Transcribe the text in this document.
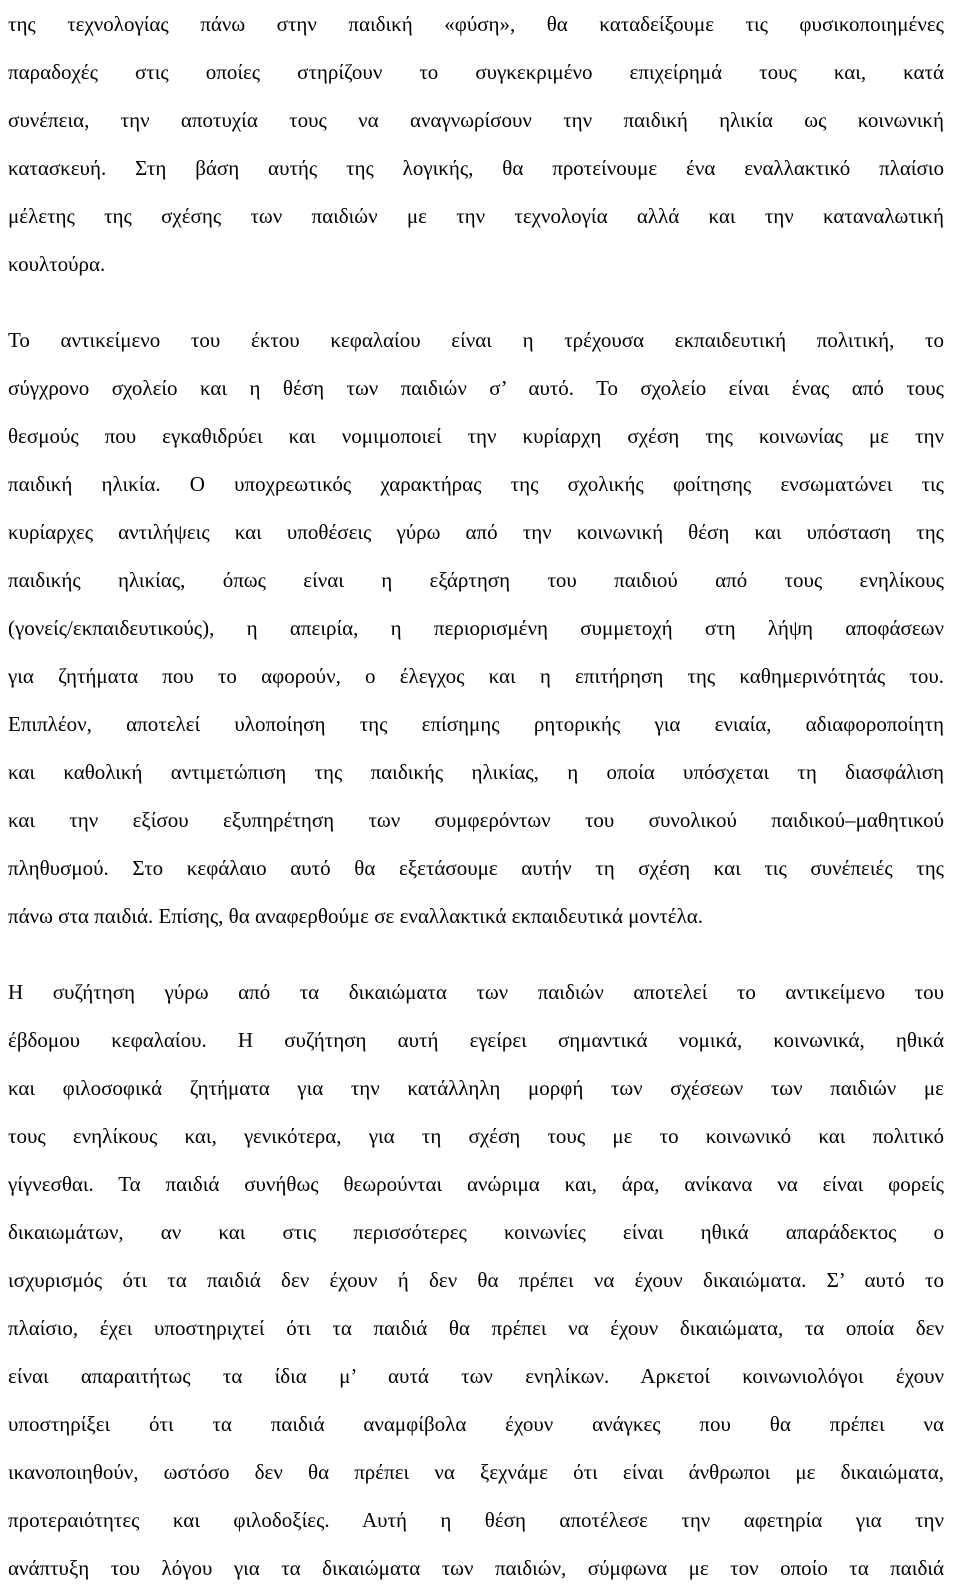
της τεχνολογίας πάνω στην παιδική «φύση», θα καταδείξουμε τις φυσικοποιημένες
παραδοχές στις οποίες στηρίζουν το συγκεκριμένο επιχείρημά τους και, κατά
συνέπεια, την αποτυχία τους να αναγνωρίσουν την παιδική ηλικία ως κοινωνική
κατασκευή. Στη βάση αυτής της λογικής, θα προτείνουμε ένα εναλλακτικό πλαίσιο
μέλετης της σχέσης των παιδιών με την τεχνολογία αλλά και την καταναλωτική
κουλτούρα.
Το αντικείμενο του έκτου κεφαλαίου είναι η τρέχουσα εκπαιδευτική πολιτική, το
σύγχρονο σχολείο και η θέση των παιδιών σ’ αυτό. Το σχολείο είναι ένας από τους
θεσμούς που εγκαθιδρύει και νομιμοποιεί την κυρίαρχη σχέση της κοινωνίας με την
παιδική ηλικία. Ο υποχρεωτικός χαρακτήρας της σχολικής φοίτησης ενσωματώνει τις
κυρίαρχες αντιλήψεις και υποθέσεις γύρω από την κοινωνική θέση και υπόσταση της
παιδικής ηλικίας, όπως είναι η εξάρτηση του παιδιού από τους ενηλίκους
(γονείς/εκπαιδευτικούς), η απειρία, η περιορισμένη συμμετοχή στη λήψη αποφάσεων
για ζητήματα που το αφορούν, ο έλεγχος και η επιτήρηση της καθημερινότητάς του.
Επιπλέον, αποτελεί υλοποίηση της επίσημης ρητορικής για ενιαία, αδιαφοροποίητη
και καθολική αντιμετώπιση της παιδικής ηλικίας, η οποία υπόσχεται τη διασφάλιση
και την εξίσου εξυπηρέτηση των συμφερόντων του συνολικού παιδικού–μαθητικού
πληθυσμού. Στο κεφάλαιο αυτό θα εξετάσουμε αυτήν τη σχέση και τις συνέπειές της
πάνω στα παιδιά. Επίσης, θα αναφερθούμε σε εναλλακτικά εκπαιδευτικά μοντέλα.
Η συζήτηση γύρω από τα δικαιώματα των παιδιών αποτελεί το αντικείμενο του
έβδομου κεφαλαίου. Η συζήτηση αυτή εγείρει σημαντικά νομικά, κοινωνικά, ηθικά
και φιλοσοφικά ζητήματα για την κατάλληλη μορφή των σχέσεων των παιδιών με
τους ενηλίκους και, γενικότερα, για τη σχέση τους με το κοινωνικό και πολιτικό
γίγνεσθαι. Τα παιδιά συνήθως θεωρούνται ανώριμα και, άρα, ανίκανα να είναι φορείς
δικαιωμάτων, αν και στις περισσότερες κοινωνίες είναι ηθικά απαράδεκτος ο
ισχυρισμός ότι τα παιδιά δεν έχουν ή δεν θα πρέπει να έχουν δικαιώματα. Σ’ αυτό το
πλαίσιο, έχει υποστηριχτεί ότι τα παιδιά θα πρέπει να έχουν δικαιώματα, τα οποία δεν
είναι απαραιτήτως τα ίδια μ’ αυτά των ενηλίκων. Αρκετοί κοινωνιολόγοι έχουν
υποστηρίξει ότι τα παιδιά αναμφίβολα έχουν ανάγκες που θα πρέπει να
ικανοποιηθούν, ωστόσο δεν θα πρέπει να ξεχνάμε ότι είναι άνθρωποι με δικαιώματα,
προτεραιότητες και φιλοδοξίες. Αυτή η θέση αποτέλεσε την αφετηρία για την
ανάπτυξη του λόγου για τα δικαιώματα των παιδιών, σύμφωνα με τον οποίο τα παιδιά
